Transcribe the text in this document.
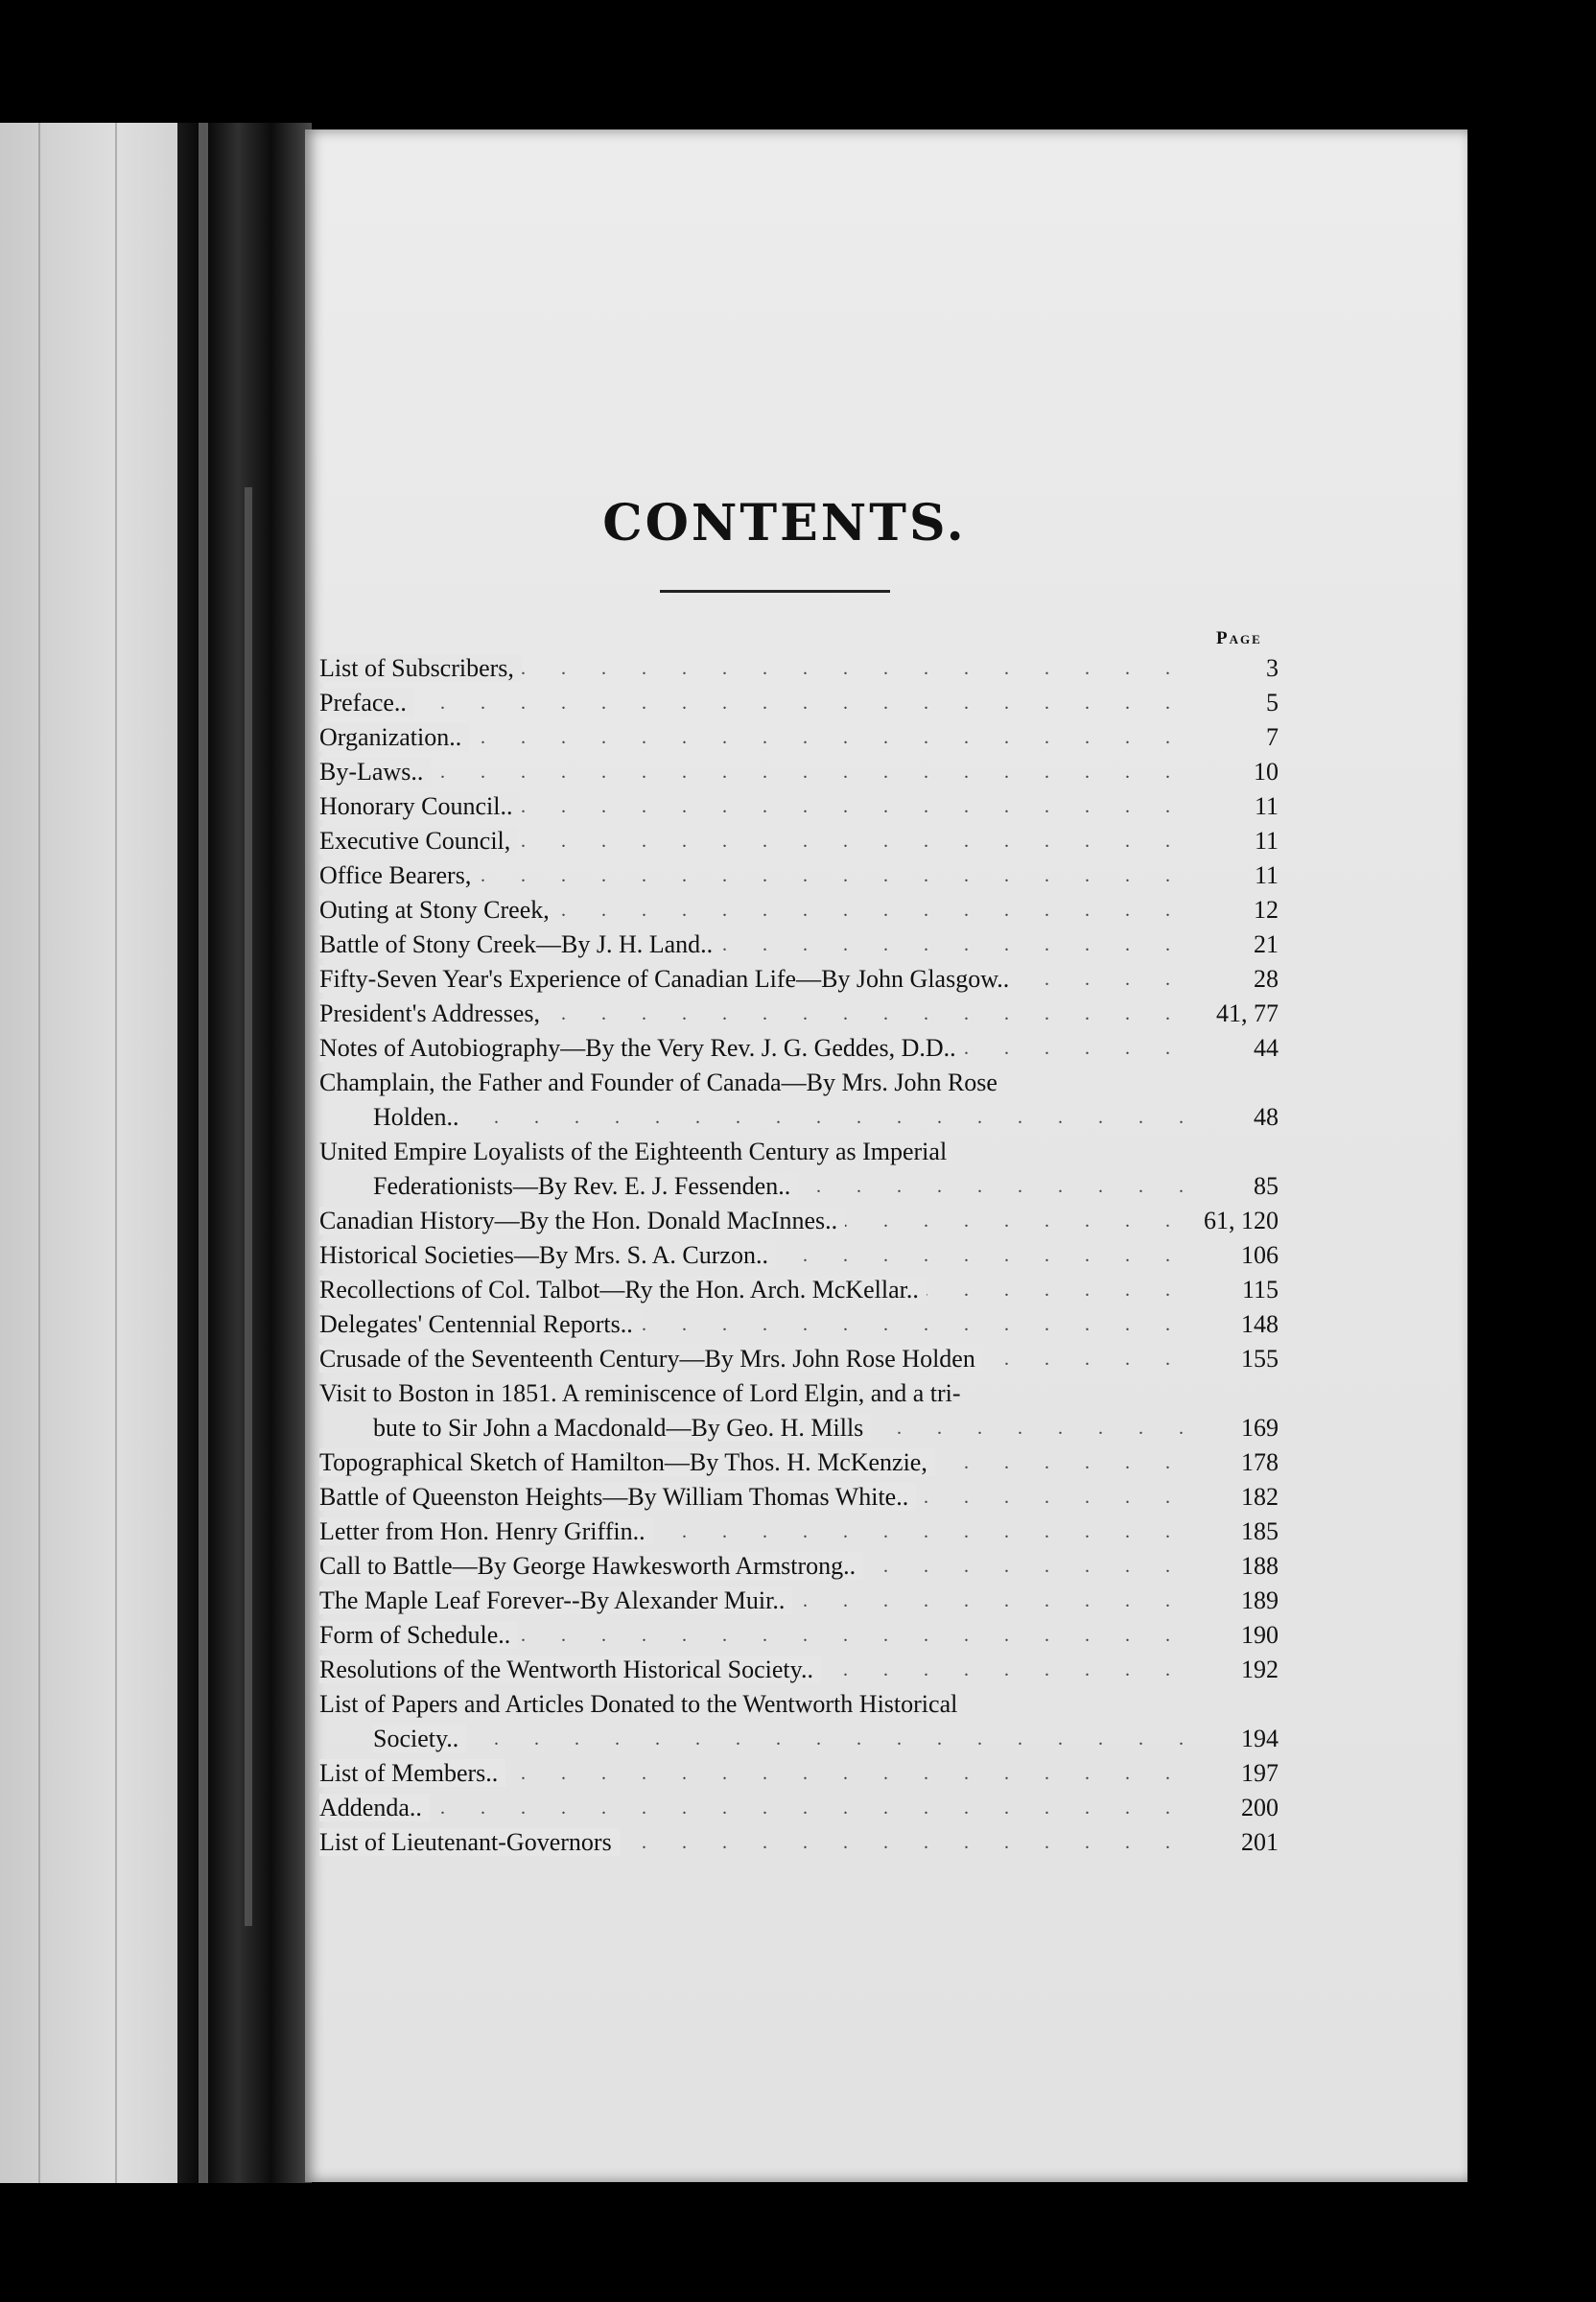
CONTENTS.
Page
List of Subscribers, . . .	3
Preface.. . . .	5
Organization.. . . .	7
By-Laws.. . . .	10
Honorary Council.. . . .	11
Executive Council, . . .	11
Office Bearers, . . .	11
Outing at Stony Creek, . . .	12
Battle of Stony Creek—By J. H. Land.. . . .	21
Fifty-Seven Year's Experience of Canadian Life—By John Glasgow.. . . .	28
President's Addresses, . . .	41, 77
Notes of Autobiography—By the Very Rev. J. G. Geddes, D.D.. . . .	44
Champlain, the Father and Founder of Canada—By Mrs. John Rose
Holden.. . . .	48
United Empire Loyalists of the Eighteenth Century as Imperial
Federationists—By Rev. E. J. Fessenden.. . . .	85
Canadian History—By the Hon. Donald MacInnes.. . . .	61, 120
Historical Societies—By Mrs. S. A. Curzon.. . . .	106
Recollections of Col. Talbot—Ry the Hon. Arch. McKellar.. . . .	115
Delegates' Centennial Reports.. . . .	148
Crusade of the Seventeenth Century—By Mrs. John Rose Holden . . .	155
Visit to Boston in 1851. A reminiscence of Lord Elgin, and a tri-
bute to Sir John a Macdonald—By Geo. H. Mills . . .	169
Topographical Sketch of Hamilton—By Thos. H. McKenzie, . . .	178
Battle of Queenston Heights—By William Thomas White.. . . .	182
Letter from Hon. Henry Griffin.. . . .	185
Call to Battle—By George Hawkesworth Armstrong.. . . .	188
The Maple Leaf Forever--By Alexander Muir.. . . .	189
Form of Schedule.. . . .	190
Resolutions of the Wentworth Historical Society.. . . .	192
List of Papers and Articles Donated to the Wentworth Historical
Society.. . . .	194
List of Members.. . . .	197
Addenda.. . . .	200
List of Lieutenant-Governors . . .	201
